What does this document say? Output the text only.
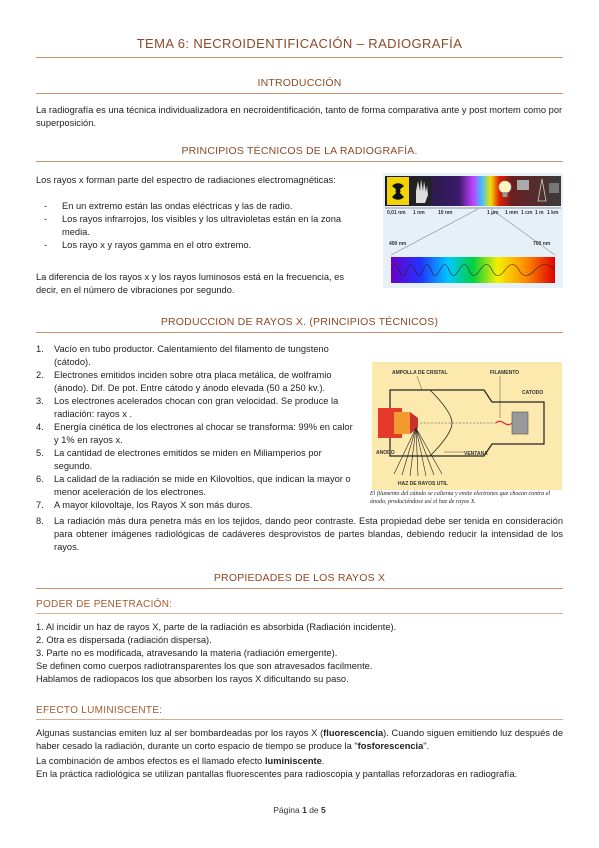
TEMA 6: NECROIDENTIFICACIÓN – RADIOGRAFÍA
INTRODUCCIÓN
La radiografía es una técnica individualizadora en necroidentificación, tanto de forma comparativa ante y post mortem como por superposición.
PRINCIPIOS TÉCNICOS DE LA RADIOGRAFÍA.
Los rayos x forman parte del espectro de radiaciones electromagnéticas:
- En un extremo están las ondas eléctricas y las de radio.
- Los rayos infrarrojos, los visibles y los ultravioletas están en la zona media.
- Los rayo x y rayos gamma en el otro extremo.
La diferencia de los rayos x y los rayos luminosos está en la frecuencia, es decir, en el número de vibraciones por segundo.
0,01 nm 1 nm	10 nm	1 µm 1 mm 1 cm 1 m 1 km
400 nm	700 nm
PRODUCCION DE RAYOS X. (PRINCIPIOS TÉCNICOS)
1. Vacío en tubo productor. Calentamiento del filamento de tungsteno (cátodo).
2. Electrones emitidos inciden sobre otra placa metálica, de wolframio (ánodo). Dif. De pot. Entre cátodo y ánodo elevada (50 a 250 kv.).
3. Los electrones acelerados chocan con gran velocidad. Se produce la radiación: rayos x .
4. Energía cinética de los electrones al chocar se transforma: 99% en calor y 1% en rayos x.
5. La cantidad de electrones emitidos se miden en Miliamperios por segundo.
6. La calidad de la radiación se mide en Kilovoltios, que indican la mayor o menor aceleración de los electrones.
7. A mayor kilovoltaje, los Rayos X son más duros.
8. La radiación más dura penetra más en los tejidos, dando peor contraste. Esta propiedad debe ser tenida en consideración para obtener imágenes radiológicas de cadáveres desprovistos de partes blandas, debiendo reducir la intensidad de los rayos.
AMPOLLA DE CRISTAL	FILAMENTO
CATODO
ANODO	VENTANA
HAZ DE RAYOS UTIL
El filamento del cátodo se calienta y emite electrones que chocan contra el ánodo, produciéndose así el haz de rayos X.
PROPIEDADES DE LOS RAYOS X
PODER DE PENETRACIÓN:
1. Al incidir un haz de rayos X, parte de la radiación es absorbida (Radiación incidente).
2. Otra es dispersada (radiación dispersa).
3. Parte no es modificada, atravesando la materia (radiación emergente).
Se definen como cuerpos radiotransparentes los que son atravesados facilmente.
Hablamos de radiopacos los que absorben los rayos X dificultando su paso.
EFECTO LUMINISCENTE:
Algunas sustancias emiten luz al ser bombardeadas por los rayos X (fluorescencia). Cuando siguen emitiendo luz después de haber cesado la radiación, durante un corto espacio de tiempo se produce la "fosforescencia".
La combinación de ambos efectos es el llamado efecto luminiscente.
En la práctica radiológica se utilizan pantallas fluorescentes para radioscopia y pantallas reforzadoras en radiografía.
Página 1 de 5
